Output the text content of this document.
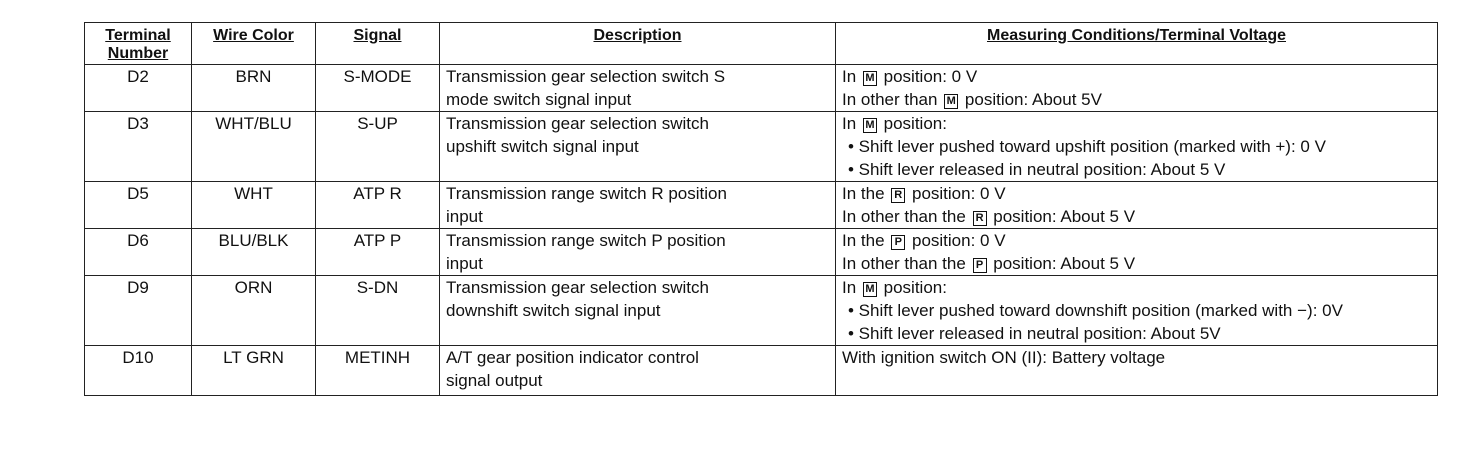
Terminal
Number	Wire Color	Signal	Description	Measuring Conditions/Terminal Voltage
D2	BRN	S-MODE	Transmission gear selection switch S
mode switch signal input	In M position: 0 V
In other than M position: About 5V

D3	WHT/BLU	S-UP	Transmission gear selection switch
upshift switch signal input	In M position:
• Shift lever pushed toward upshift position (marked with +): 0 V
• Shift lever released in neutral position: About 5 V

D5	WHT	ATP R	Transmission range switch R position
input	In the R position: 0 V
In other than the R position: About 5 V

D6	BLU/BLK	ATP P	Transmission range switch P position
input	In the P position: 0 V
In other than the P position: About 5 V

D9	ORN	S-DN	Transmission gear selection switch
downshift switch signal input	In M position:
• Shift lever pushed toward downshift position (marked with −): 0V
• Shift lever released in neutral position: About 5V

D10	LT GRN	METINH	A/T gear position indicator control
signal output	With ignition switch ON (II): Battery voltage
